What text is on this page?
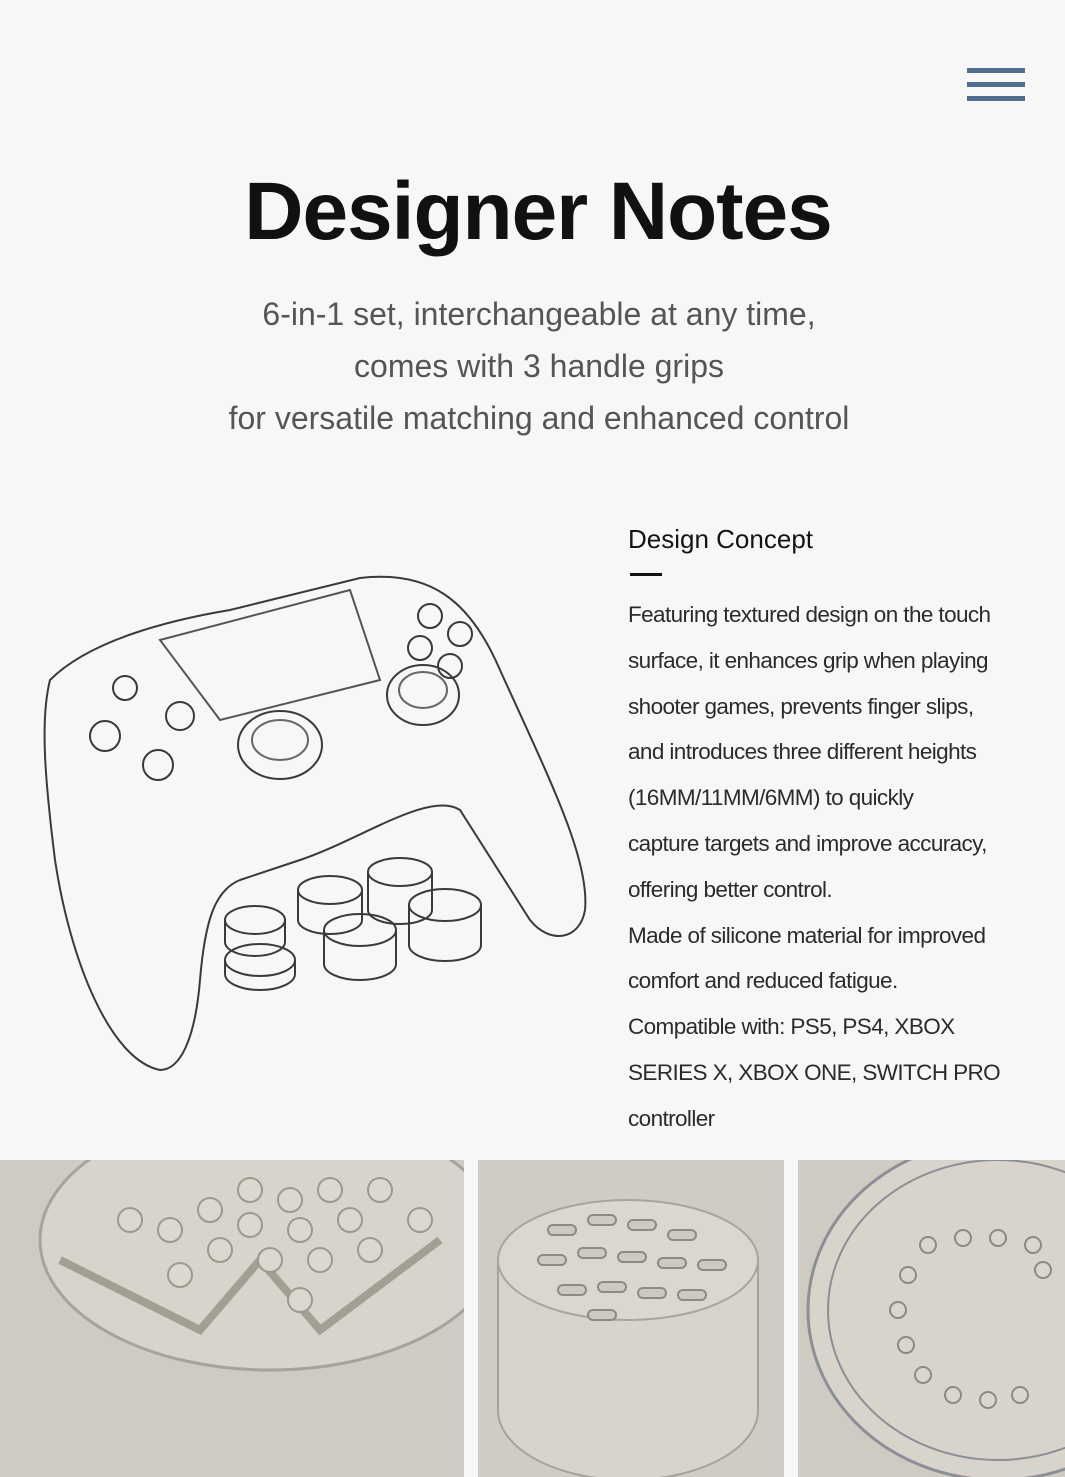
Designer Notes
6-in-1 set, interchangeable at any time,
comes with 3 handle grips
for versatile matching and enhanced control
Design Concept

Featuring textured design on the touch

surface, it enhances grip when playing

shooter games, prevents finger slips,

and introduces three different heights

(16MM/11MM/6MM) to quickly

capture targets and improve accuracy,

offering better control.

Made of silicone material for improved

comfort and reduced fatigue.

Compatible with: PS5, PS4, XBOX

SERIES X, XBOX ONE, SWITCH PRO

controller
